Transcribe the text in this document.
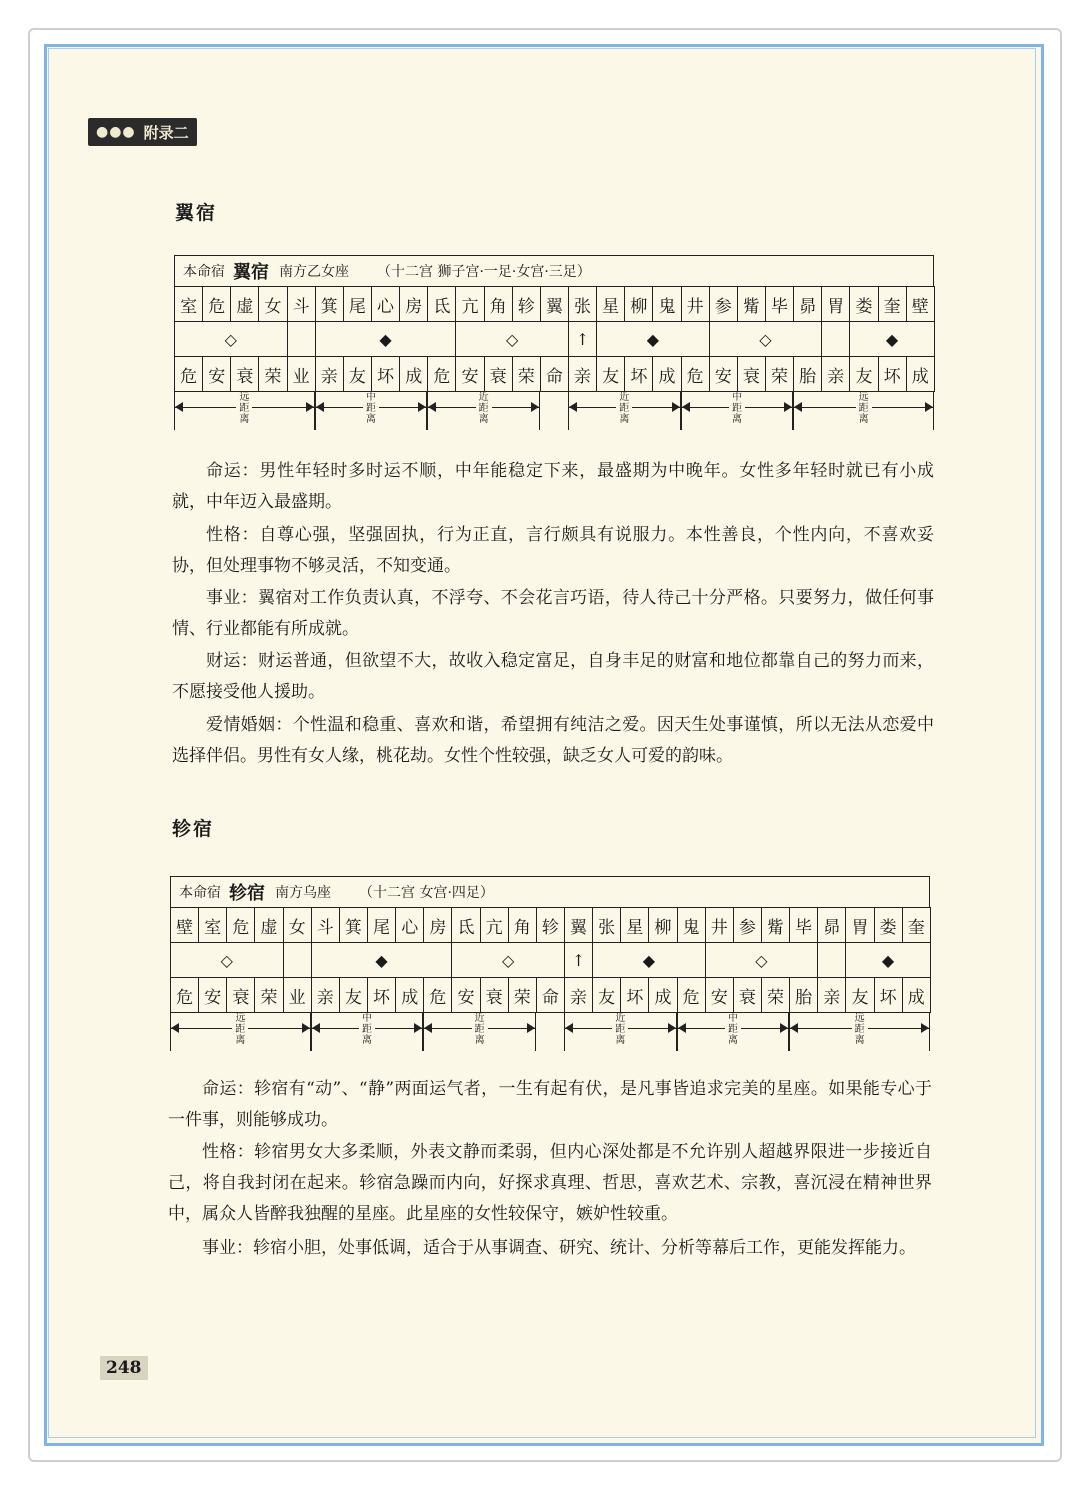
●●● 附录二
翼宿
本命宿 翼宿 南方乙女座 （十二宫 狮子宫·一足·女宫·三足）
室	危	虚	女	斗	箕	尾	心	房	氐	亢	角	轸	翼	张	星	柳	鬼	井	参	觜	毕	昴	胃	娄	奎	壁
◇					◆					◇				↑	◆				◇					◆		
危	安	衰	荣	业	亲	友	坏	成	危	安	衰	荣	命	亲	友	坏	成	危	安	衰	荣	胎	亲	友	坏	成
远距离
中距离
近距离
近距离
中距离
远距离
命运：男性年轻时多时运不顺，中年能稳定下来，最盛期为中晚年。女性多年轻时就已有小成就，中年迈入最盛期。
性格：自尊心强，坚强固执，行为正直，言行颇具有说服力。本性善良，个性内向，不喜欢妥协，但处理事物不够灵活，不知变通。
事业：翼宿对工作负责认真，不浮夸、不会花言巧语，待人待己十分严格。只要努力，做任何事情、行业都能有所成就。
财运：财运普通，但欲望不大，故收入稳定富足，自身丰足的财富和地位都靠自己的努力而来，不愿接受他人援助。
爱情婚姻：个性温和稳重、喜欢和谐，希望拥有纯洁之爱。因天生处事谨慎，所以无法从恋爱中选择伴侣。男性有女人缘，桃花劫。女性个性较强，缺乏女人可爱的韵味。
轸宿
本命宿 轸宿 南方乌座 （十二宫 女宫·四足）
壁	室	危	虚	女	斗	箕	尾	心	房	氐	亢	角	轸	翼	张	星	柳	鬼	井	参	觜	毕	昴	胃	娄	奎
◇					◆					◇				↑	◆				◇					◆		
危	安	衰	荣	业	亲	友	坏	成	危	安	衰	荣	命	亲	友	坏	成	危	安	衰	荣	胎	亲	友	坏	成
远距离
中距离
近距离
近距离
中距离
远距离
命运：轸宿有“动”、“静”两面运气者，一生有起有伏，是凡事皆追求完美的星座。如果能专心于一件事，则能够成功。
性格：轸宿男女大多柔顺，外表文静而柔弱，但内心深处都是不允许别人超越界限进一步接近自己，将自我封闭在起来。轸宿急躁而内向，好探求真理、哲思，喜欢艺术、宗教，喜沉浸在精神世界中，属众人皆醉我独醒的星座。此星座的女性较保守，嫉妒性较重。
事业：轸宿小胆，处事低调，适合于从事调查、研究、统计、分析等幕后工作，更能发挥能力。
248
